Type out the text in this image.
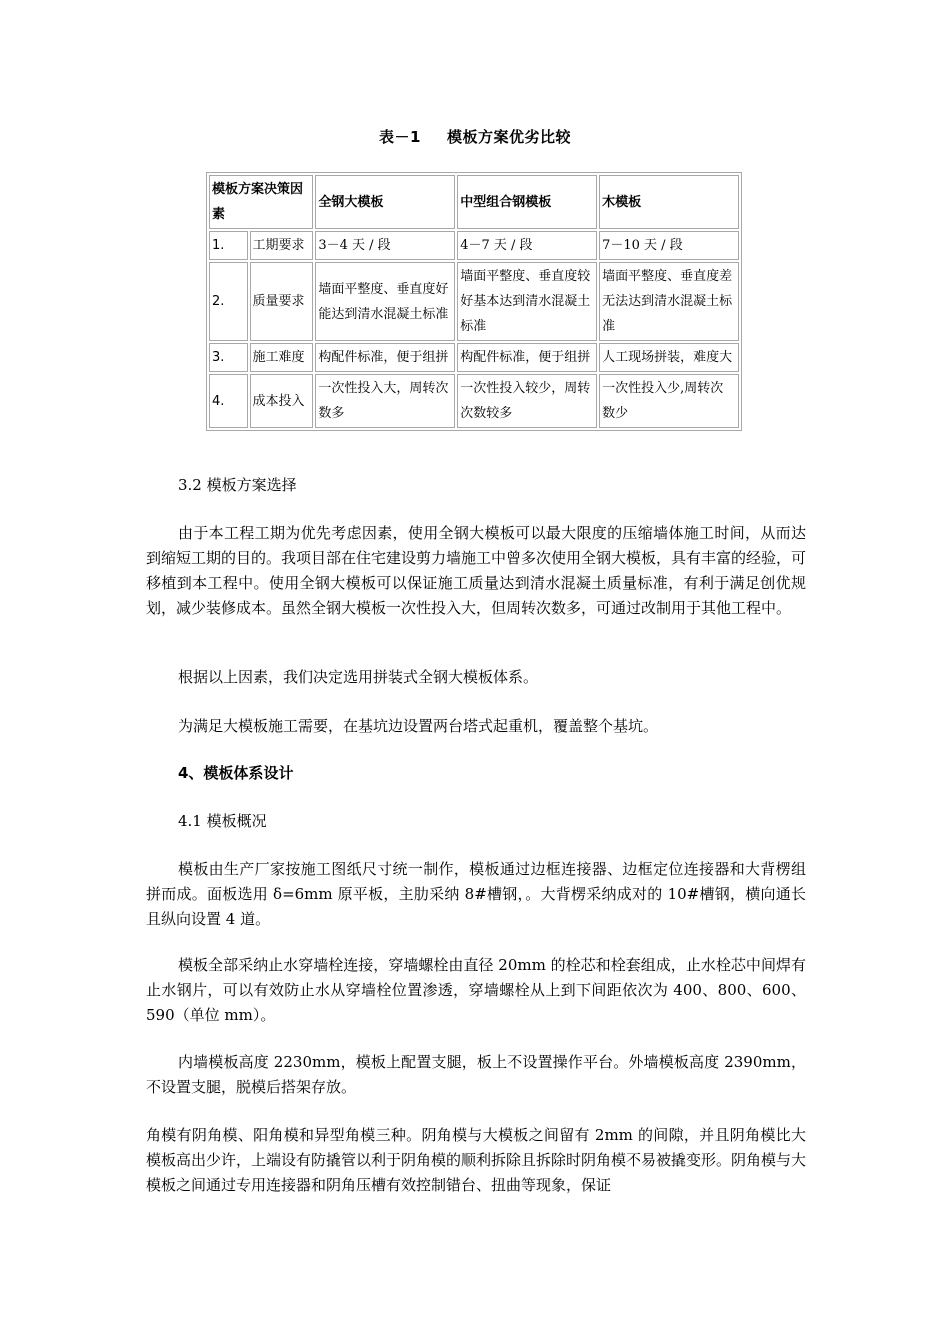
表－1 模板方案优劣比较
模板方案决策因素		全钢大模板	中型组合钢模板	木模板
1.	工期要求	3－4 天 / 段	4－7 天 / 段	7－10 天 / 段
2.	质量要求	墙面平整度、垂直度好能达到清水混凝土标准	墙面平整度、垂直度较好基本达到清水混凝土标准	墙面平整度、垂直度差无法达到清水混凝土标准
3.	施工难度	构配件标准，便于组拼	构配件标准，便于组拼	人工现场拼装，难度大
4.	成本投入	一次性投入大，周转次数多	一次性投入较少，周转次数较多	一次性投入少,周转次数少

3.2 模板方案选择

由于本工程工期为优先考虑因素，使用全钢大模板可以最大限度的压缩墙体施工时间，从而达到缩短工期的目的。我项目部在住宅建设剪力墙施工中曾多次使用全钢大模板，具有丰富的经验，可移植到本工程中。使用全钢大模板可以保证施工质量达到清水混凝土质量标准，有利于满足创优规划，减少装修成本。虽然全钢大模板一次性投入大，但周转次数多，可通过改制用于其他工程中。

根据以上因素，我们决定选用拼装式全钢大模板体系。

为满足大模板施工需要，在基坑边设置两台塔式起重机，覆盖整个基坑。

4、模板体系设计

4.1 模板概况

模板由生产厂家按施工图纸尺寸统一制作，模板通过边框连接器、边框定位连接器和大背楞组拼而成。面板选用 δ=6mm 原平板，主肋采纳 8#槽钢，。大背楞采纳成对的 10#槽钢，横向通长且纵向设置 4 道。

模板全部采纳止水穿墙栓连接，穿墙螺栓由直径 20mm 的栓芯和栓套组成，止水栓芯中间焊有止水钢片，可以有效防止水从穿墙栓位置渗透，穿墙螺栓从上到下间距依次为 400、800、600、590（单位 mm）。

内墙模板高度 2230mm，模板上配置支腿，板上不设置操作平台。外墙模板高度 2390mm，不设置支腿，脱模后搭架存放。

角模有阴角模、阳角模和异型角模三种。阴角模与大模板之间留有 2mm 的间隙，并且阴角模比大模板高出少许，上端设有防撬管以利于阴角模的顺利拆除且拆除时阴角模不易被撬变形。阴角模与大模板之间通过专用连接器和阴角压槽有效控制错台、扭曲等现象，保证
